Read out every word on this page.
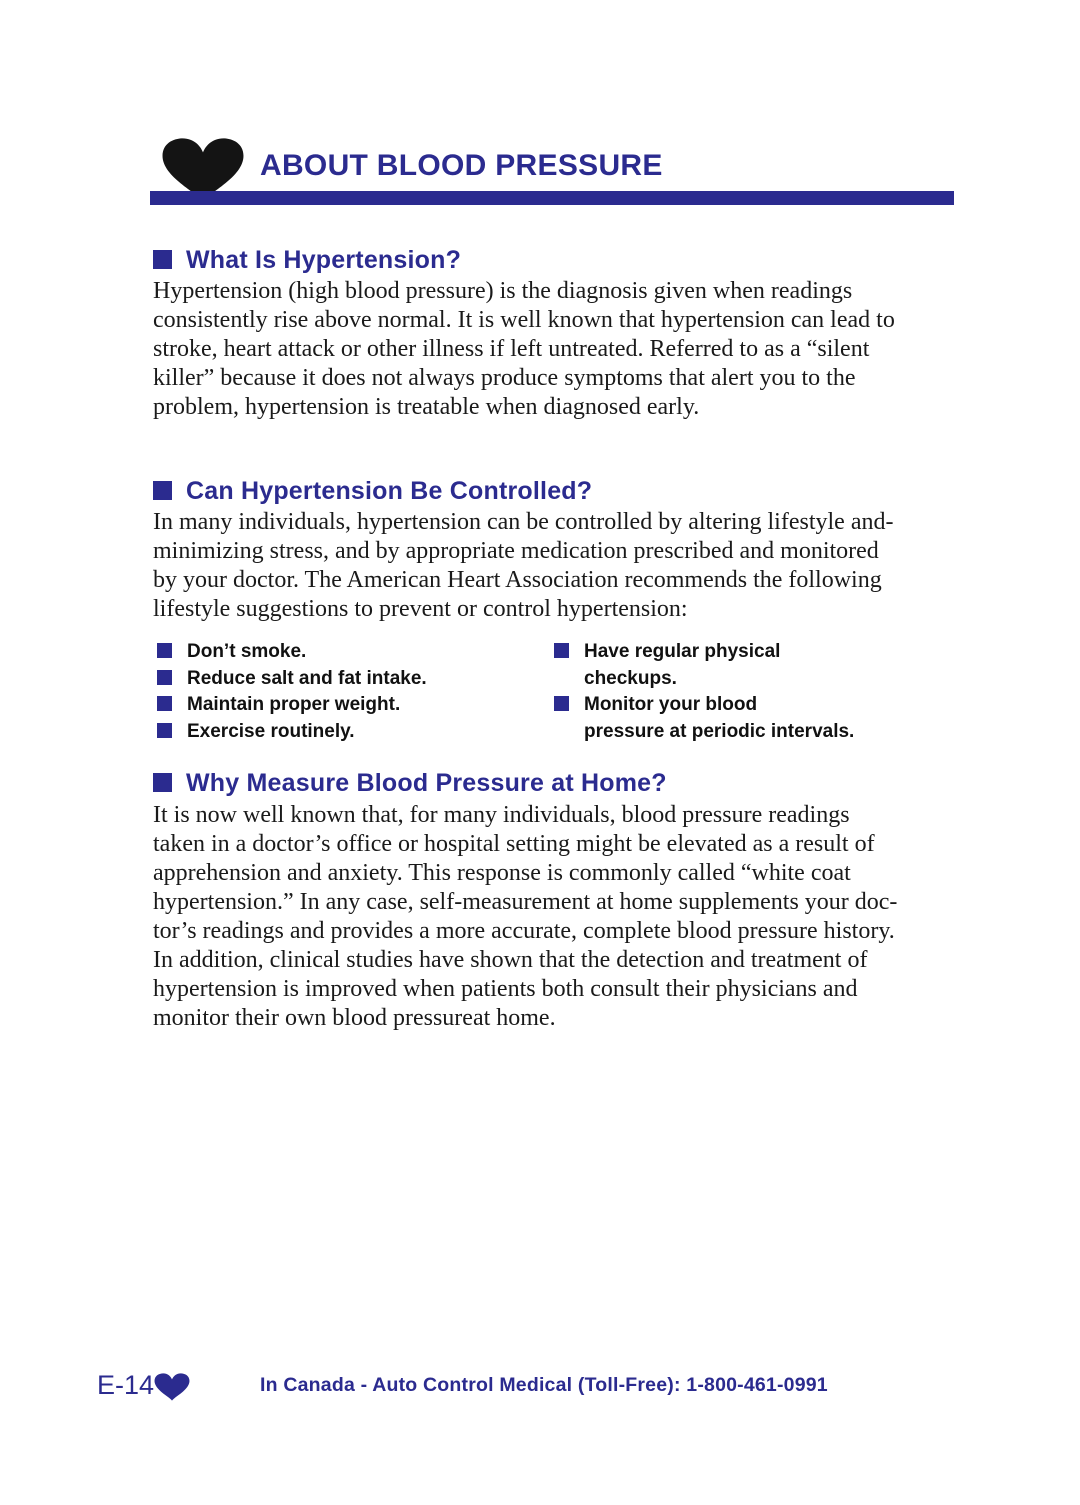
ABOUT BLOOD PRESSURE
What Is Hypertension?
Hypertension (high blood pressure) is the diagnosis given when readings
consistently rise above normal. It is well known that hypertension can lead to
stroke, heart attack or other illness if left untreated. Referred to as a “silent
killer” because it does not always produce symptoms that alert you to the
problem, hypertension is treatable when diagnosed early.
Can Hypertension Be Controlled?
In many individuals, hypertension can be controlled by altering lifestyle and-
minimizing stress, and by appropriate medication prescribed and monitored
by your doctor. The American Heart Association recommends the following
lifestyle suggestions to prevent or control hypertension:
Don’t smoke.
Reduce salt and fat intake.
Maintain proper weight.
Exercise routinely.
Have regular physical
checkups.
Monitor your blood
pressure at periodic intervals.
Why Measure Blood Pressure at Home?
It is now well known that, for many individuals, blood pressure readings
taken in a doctor’s office or hospital setting might be elevated as a result of
apprehension and anxiety. This response is commonly called “white coat
hypertension.” In any case, self-measurement at home supplements your doc-
tor’s readings and provides a more accurate, complete blood pressure history.
In addition, clinical studies have shown that the detection and treatment of
hypertension is improved when patients both consult their physicians and
monitor their own blood pressureat home.
E-14	In Canada - Auto Control Medical (Toll-Free): 1-800-461-0991
